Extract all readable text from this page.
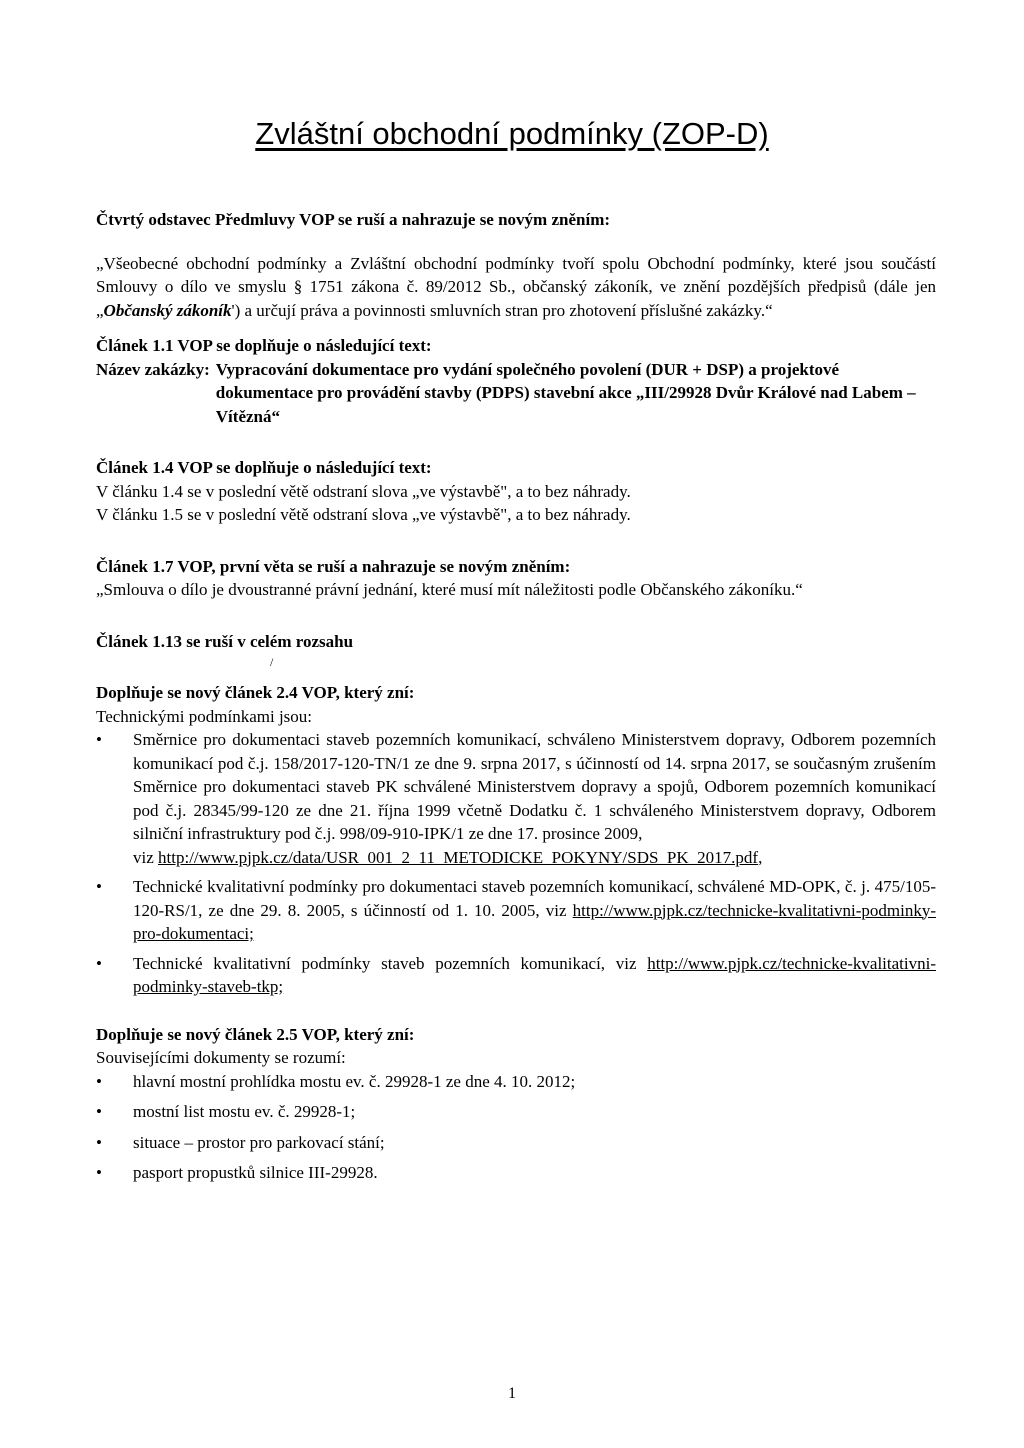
Zvláštní obchodní podmínky (ZOP-D)

Čtvrtý odstavec Předmluvy VOP se ruší a nahrazuje se novým zněním:

„Všeobecné obchodní podmínky a Zvláštní obchodní podmínky tvoří spolu Obchodní podmínky, které jsou součástí Smlouvy o dílo ve smyslu § 1751 zákona č. 89/2012 Sb., občanský zákoník, ve znění pozdějších předpisů (dále jen „Občanský zákoník') a určují práva a povinnosti smluvních stran pro zhotovení příslušné zakázky.“

Článek 1.1 VOP se doplňuje o následující text:

Název zakázky: Vypracování dokumentace pro vydání společného povolení (DUR + DSP) a projektové dokumentace pro provádění stavby (PDPS) stavební akce „III/29928 Dvůr Králové nad Labem – Vítězná“

Článek 1.4 VOP se doplňuje o následující text:

V článku 1.4 se v poslední větě odstraní slova „ve výstavbě", a to bez náhrady.

V článku 1.5 se v poslední větě odstraní slova „ve výstavbě", a to bez náhrady.

Článek 1.7 VOP, první věta se ruší a nahrazuje se novým zněním:

„Smlouva o dílo je dvoustranné právní jednání, které musí mít náležitosti podle Občanského zákoníku.“

Článek 1.13 se ruší v celém rozsahu

Doplňuje se nový článek 2.4 VOP, který zní:

Technickými podmínkami jsou:

• Směrnice pro dokumentaci staveb pozemních komunikací, schváleno Ministerstvem dopravy, Odborem pozemních komunikací pod č.j. 158/2017-120-TN/1 ze dne 9. srpna 2017, s účinností od 14. srpna 2017, se současným zrušením Směrnice pro dokumentaci staveb PK schválené Ministerstvem dopravy a spojů, Odborem pozemních komunikací pod č.j. 28345/99-120 ze dne 21. října 1999 včetně Dodatku č. 1 schváleného Ministerstvem dopravy, Odborem silniční infrastruktury pod č.j. 998/09-910-IPK/1 ze dne 17. prosince 2009,
viz http://www.pjpk.cz/data/USR_001_2_11_METODICKE_POKYNY/SDS_PK_2017.pdf,
• Technické kvalitativní podmínky pro dokumentaci staveb pozemních komunikací, schválené MD-OPK, č. j. 475/105-120-RS/1, ze dne 29. 8. 2005, s účinností od 1. 10. 2005, viz http://www.pjpk.cz/technicke-kvalitativni-podminky-pro-dokumentaci;
• Technické kvalitativní podmínky staveb pozemních komunikací, viz http://www.pjpk.cz/technicke-kvalitativni-podminky-staveb-tkp;

Doplňuje se nový článek 2.5 VOP, který zní:

Souvisejícími dokumenty se rozumí:

• hlavní mostní prohlídka mostu ev. č. 29928-1 ze dne 4. 10. 2012;
• mostní list mostu ev. č. 29928-1;
• situace – prostor pro parkovací stání;
• pasport propustků silnice III-29928.
/
1
